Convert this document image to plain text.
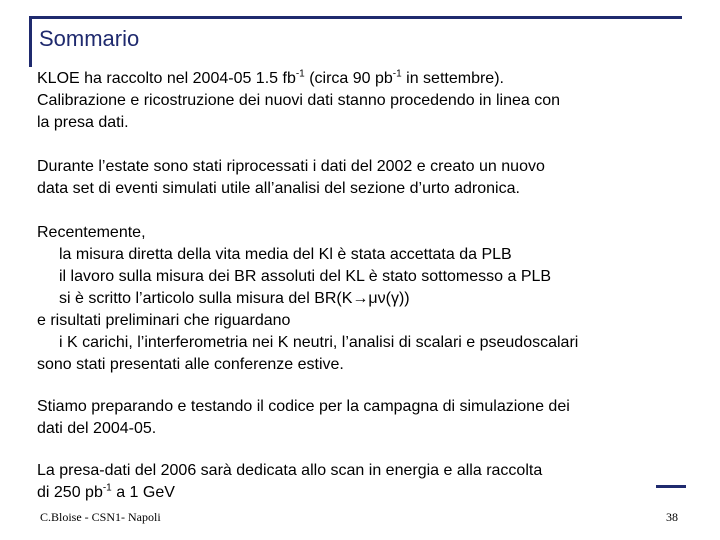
Sommario
KLOE ha raccolto nel 2004-05 1.5 $fb^{-1}$ (circa 90 $pb^{-1}$ in settembre).
Calibrazione e ricostruzione dei nuovi dati stanno procedendo in linea con
la presa dati.
Durante l’estate sono stati riprocessati i dati del 2002 e creato un nuovo
data set di eventi simulati utile all’analisi del sezione d’urto adronica.
Recentemente,
la misura diretta della vita media del Kl è stata accettata da PLB
il lavoro sulla misura dei BR assoluti del KL è stato sottomesso a PLB
si è scritto l’articolo sulla misura del BR(K→μν(γ))
e risultati preliminari che riguardano
i K carichi, l’interferometria nei K neutri, l’analisi di scalari e pseudoscalari
sono stati presentati alle conferenze estive.
Stiamo preparando e testando il codice per la campagna di simulazione dei
dati del 2004-05.
La presa-dati del 2006 sarà dedicata allo scan in energia e alla raccolta
di 250 $pb^{-1}$ a 1 GeV
C.Bloise - CSN1- Napoli	38
